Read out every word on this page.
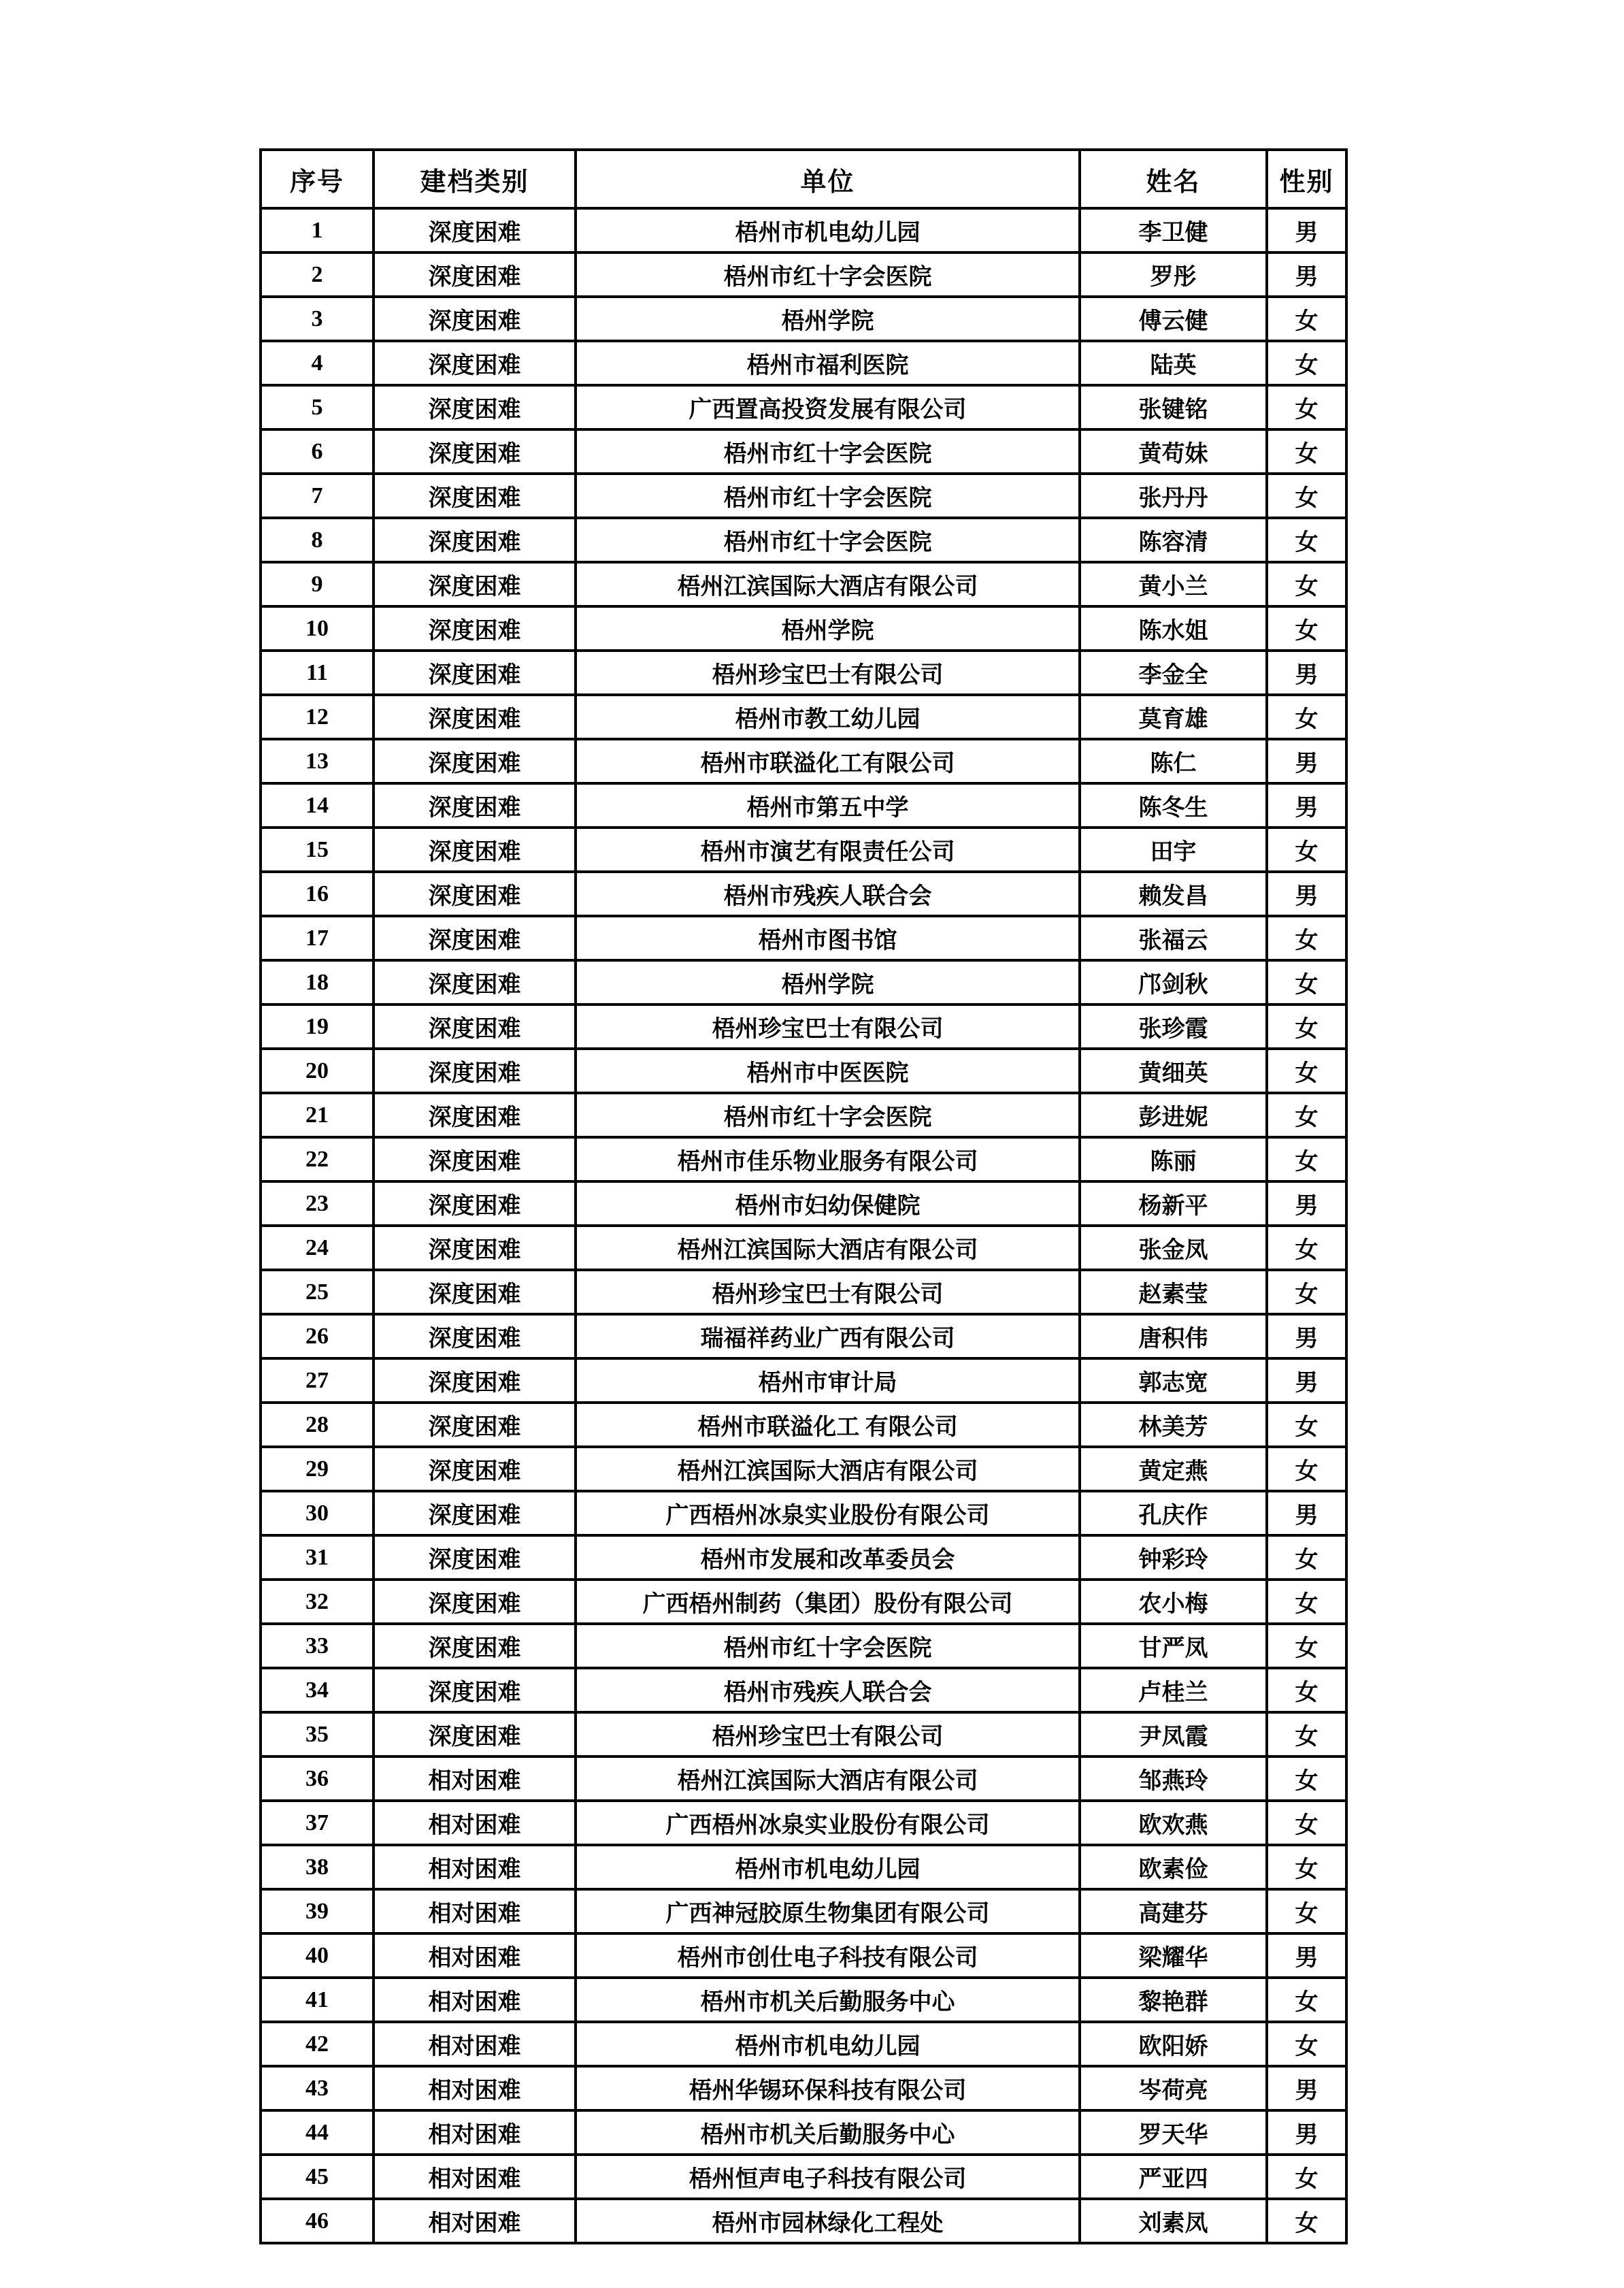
序号	建档类别	单位	姓名	性别
1	深度困难	梧州市机电幼儿园	李卫健	男
2	深度困难	梧州市红十字会医院	罗彤	男
3	深度困难	梧州学院	傅云健	女
4	深度困难	梧州市福利医院	陆英	女
5	深度困难	广西置高投资发展有限公司	张键铭	女
6	深度困难	梧州市红十字会医院	黄苟妹	女
7	深度困难	梧州市红十字会医院	张丹丹	女
8	深度困难	梧州市红十字会医院	陈容清	女
9	深度困难	梧州江滨国际大酒店有限公司	黄小兰	女
10	深度困难	梧州学院	陈水姐	女
11	深度困难	梧州珍宝巴士有限公司	李金全	男
12	深度困难	梧州市教工幼儿园	莫育雄	女
13	深度困难	梧州市联溢化工有限公司	陈仁	男
14	深度困难	梧州市第五中学	陈冬生	男
15	深度困难	梧州市演艺有限责任公司	田宇	女
16	深度困难	梧州市残疾人联合会	赖发昌	男
17	深度困难	梧州市图书馆	张福云	女
18	深度困难	梧州学院	邝剑秋	女
19	深度困难	梧州珍宝巴士有限公司	张珍霞	女
20	深度困难	梧州市中医医院	黄细英	女
21	深度困难	梧州市红十字会医院	彭进妮	女
22	深度困难	梧州市佳乐物业服务有限公司	陈丽	女
23	深度困难	梧州市妇幼保健院	杨新平	男
24	深度困难	梧州江滨国际大酒店有限公司	张金凤	女
25	深度困难	梧州珍宝巴士有限公司	赵素莹	女
26	深度困难	瑞福祥药业广西有限公司	唐积伟	男
27	深度困难	梧州市审计局	郭志宽	男
28	深度困难	梧州市联溢化工 有限公司	林美芳	女
29	深度困难	梧州江滨国际大酒店有限公司	黄定燕	女
30	深度困难	广西梧州冰泉实业股份有限公司	孔庆作	男
31	深度困难	梧州市发展和改革委员会	钟彩玲	女
32	深度困难	广西梧州制药（集团）股份有限公司	农小梅	女
33	深度困难	梧州市红十字会医院	甘严凤	女
34	深度困难	梧州市残疾人联合会	卢桂兰	女
35	深度困难	梧州珍宝巴士有限公司	尹凤霞	女
36	相对困难	梧州江滨国际大酒店有限公司	邹燕玲	女
37	相对困难	广西梧州冰泉实业股份有限公司	欧欢燕	女
38	相对困难	梧州市机电幼儿园	欧素俭	女
39	相对困难	广西神冠胶原生物集团有限公司	高建芬	女
40	相对困难	梧州市创仕电子科技有限公司	梁耀华	男
41	相对困难	梧州市机关后勤服务中心	黎艳群	女
42	相对困难	梧州市机电幼儿园	欧阳娇	女
43	相对困难	梧州华锡环保科技有限公司	岑荷亮	男
44	相对困难	梧州市机关后勤服务中心	罗天华	男
45	相对困难	梧州恒声电子科技有限公司	严亚四	女
46	相对困难	梧州市园林绿化工程处	刘素凤	女
